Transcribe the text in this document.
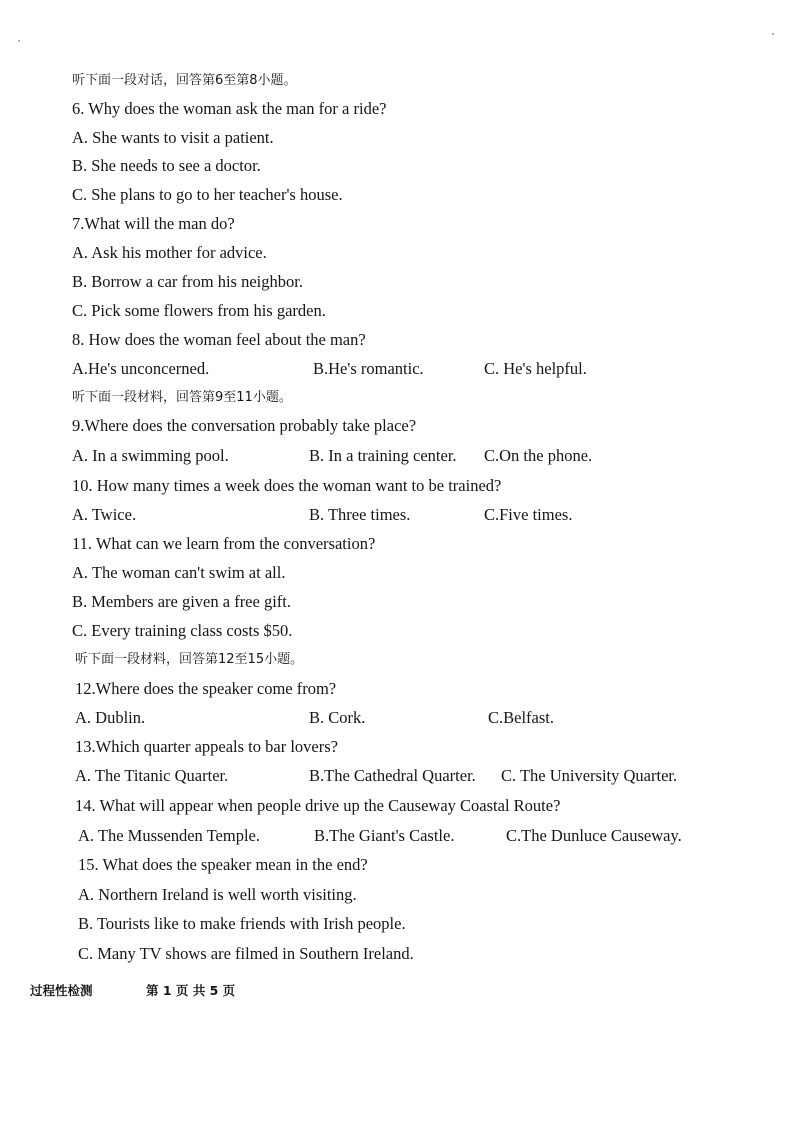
听下面一段对话，回答第6至第8小题。
6. Why does the woman ask the man for a ride?
A. She wants to visit a patient.
B. She needs to see a doctor.
C. She plans to go to her teacher's house.
7.What will the man do?
A. Ask his mother for advice.
B. Borrow a car from his neighbor.
C. Pick some flowers from his garden.
8. How does the woman feel about the man?
A.He's unconcerned.	B.He's romantic.	C. He's helpful.
听下面一段材料，回答第9至11小题。
9.Where does the conversation probably take place?
A. In a swimming pool.	B. In a training center. C.On the phone.
10. How many times a week does the woman want to be trained?
A. Twice.	B. Three times.	C.Five times.
11. What can we learn from the conversation?
A. The woman can't swim at all.
B. Members are given a free gift.
C. Every training class costs $50.
听下面一段材料，回答第12至15小题。
12.Where does the speaker come from?
A. Dublin.	B. Cork.	C.Belfast.
13.Which quarter appeals to bar lovers?
A. The Titanic Quarter.	B.The Cathedral Quarter. C. The University Quarter.
14. What will appear when people drive up the Causeway Coastal Route?
A. The Mussenden Temple.	B.The Giant's Castle.	C.The Dunluce Causeway.
15. What does the speaker mean in the end?
A. Northern Ireland is well worth visiting.
B. Tourists like to make friends with Irish people.
C. Many TV shows are filmed in Southern Ireland.
过程性检测	第 1 页 共 5 页
